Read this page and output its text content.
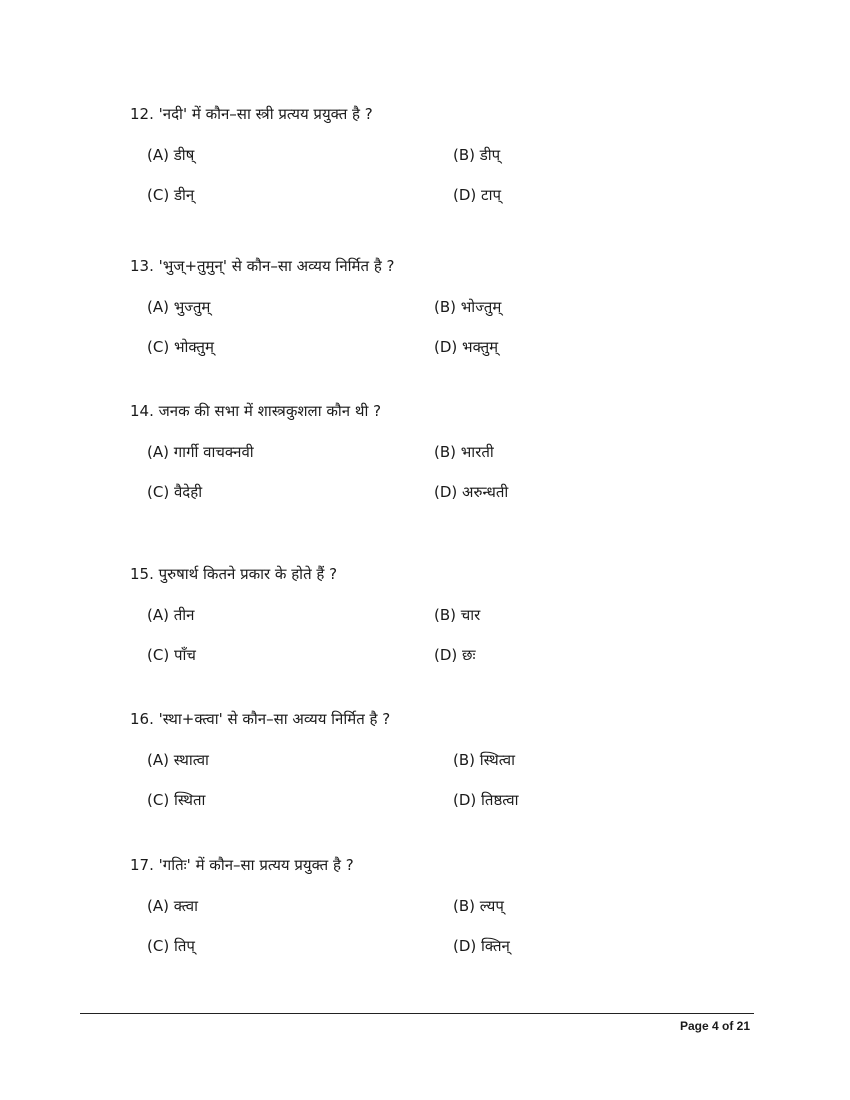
12. 'नदी' में कौन–सा स्त्री प्रत्यय प्रयुक्त है ?
(A) डीष्	(B) डीप्
(C) डीन्	(D) टाप्
13. 'भुज्+तुमुन्' से कौन–सा अव्यय निर्मित है ?
(A) भुज्तुम्	(B) भोज्तुम्
(C) भोक्तुम्	(D) भक्तुम्
14. जनक की सभा में शास्त्रकुशला कौन थी ?
(A) गार्गी वाचक्नवी	(B) भारती
(C) वैदेही	(D) अरुन्धती
15. पुरुषार्थ कितने प्रकार के होते हैं ?
(A) तीन	(B) चार
(C) पाँच	(D) छः
16. 'स्था+क्त्वा' से कौन–सा अव्यय निर्मित है ?
(A) स्थात्वा	(B) स्थित्वा
(C) स्थिता	(D) तिष्ठत्वा
17. 'गतिः' में कौन–सा प्रत्यय प्रयुक्त है ?
(A) क्त्वा	(B) ल्यप्
(C) तिप्	(D) क्तिन्
Page 4 of 21
